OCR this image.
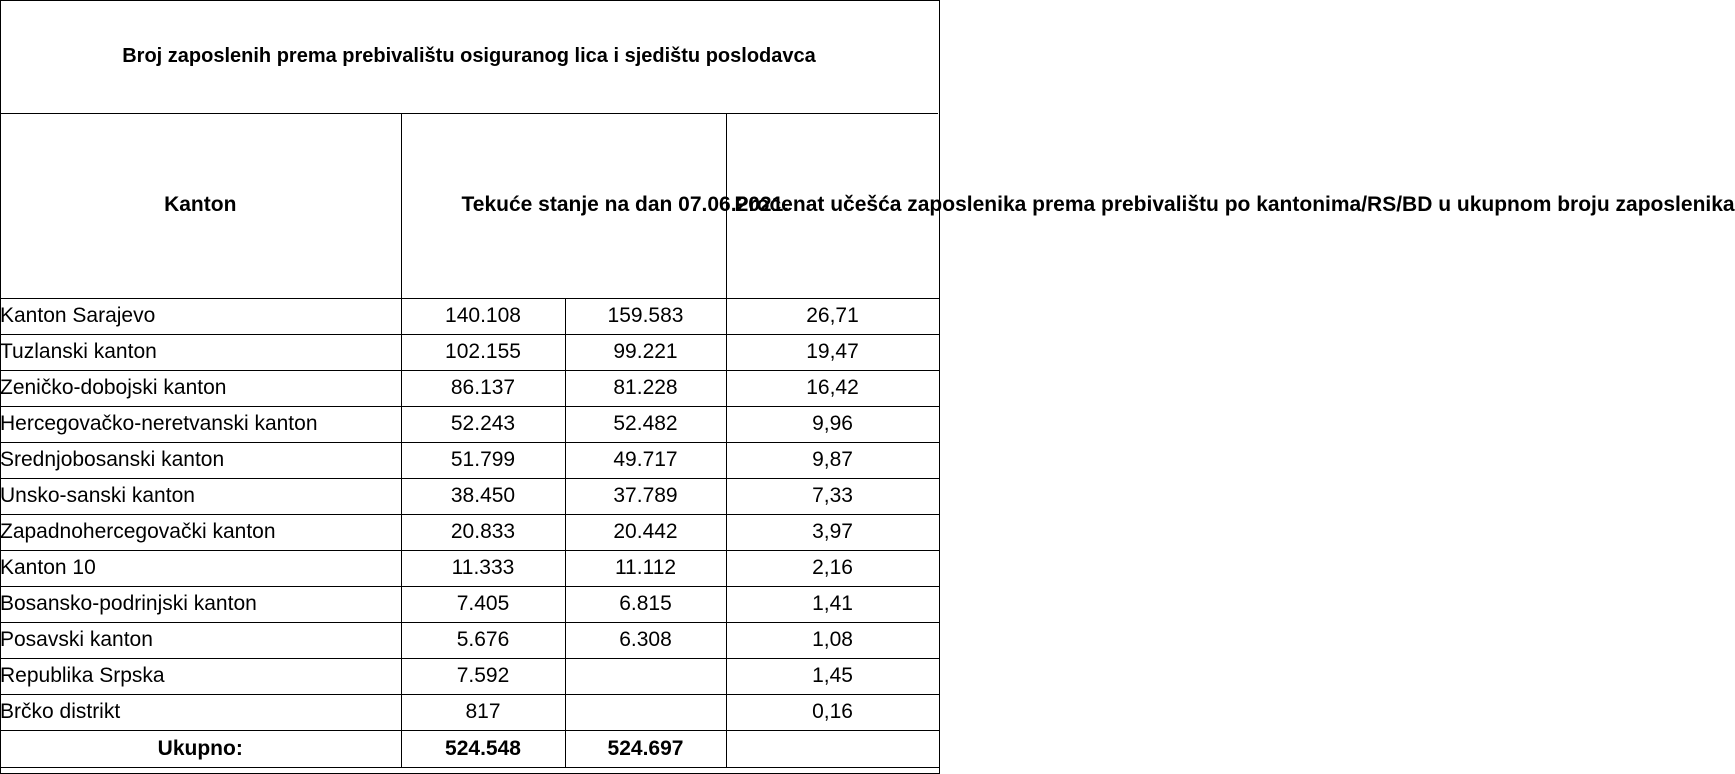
Broj zaposlenih prema prebivalištu osiguranog lica i sjedištu poslodavca
Kanton	Tekuće stanje na dan 07.06.2021.		Procenat učešća zaposlenika prema prebivalištu po kantonima/RS/BD u ukupnom broju zaposlenika
Kanton Sarajevo	140.108	159.583	26,71
Tuzlanski kanton	102.155	99.221	19,47
Zeničko-dobojski kanton	86.137	81.228	16,42
Hercegovačko-neretvanski kanton	52.243	52.482	9,96
Srednjobosanski kanton	51.799	49.717	9,87
Unsko-sanski kanton	38.450	37.789	7,33
Zapadnohercegovački kanton	20.833	20.442	3,97
Kanton 10	11.333	11.112	2,16
Bosansko-podrinjski kanton	7.405	6.815	1,41
Posavski kanton	5.676	6.308	1,08
Republika Srpska	7.592		1,45
Brčko distrikt	817		0,16
Ukupno:	524.548	524.697	
